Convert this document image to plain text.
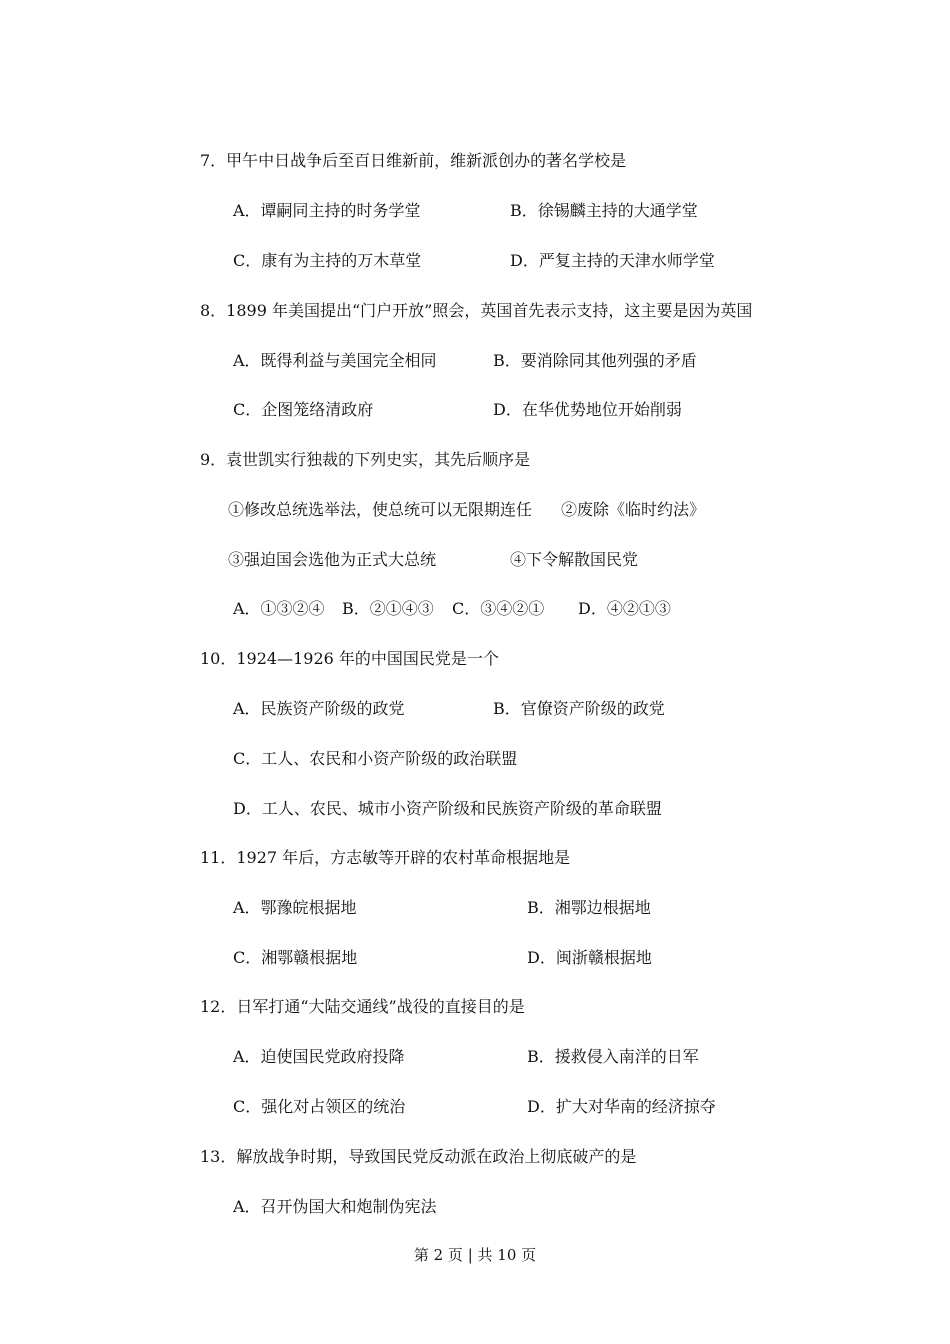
7．甲午中日战争后至百日维新前，维新派创办的著名学校是
A．谭嗣同主持的时务学堂	B．徐锡麟主持的大通学堂
C．康有为主持的万木草堂	D．严复主持的天津水师学堂
8．1899 年美国提出“门户开放”照会，英国首先表示支持，这主要是因为英国
A．既得利益与美国完全相同	B．要消除同其他列强的矛盾
C．企图笼络清政府	D．在华优势地位开始削弱
9．袁世凯实行独裁的下列史实，其先后顺序是
①修改总统选举法，使总统可以无限期连任 ②废除《临时约法》
③强迫国会选他为正式大总统	④下令解散国民党
A．①③②④ B．②①④③ C．③④②① D．④②①③
10．1924—1926 年的中国国民党是一个
A．民族资产阶级的政党	B．官僚资产阶级的政党
C．工人、农民和小资产阶级的政治联盟
D．工人、农民、城市小资产阶级和民族资产阶级的革命联盟
11．1927 年后，方志敏等开辟的农村革命根据地是
A．鄂豫皖根据地	B．湘鄂边根据地
C．湘鄂赣根据地	D．闽浙赣根据地
12．日军打通“大陆交通线”战役的直接目的是
A．迫使国民党政府投降	B．援救侵入南洋的日军
C．强化对占领区的统治	D．扩大对华南的经济掠夺
13．解放战争时期，导致国民党反动派在政治上彻底破产的是
A．召开伪国大和炮制伪宪法
第 2 页 | 共 10 页
